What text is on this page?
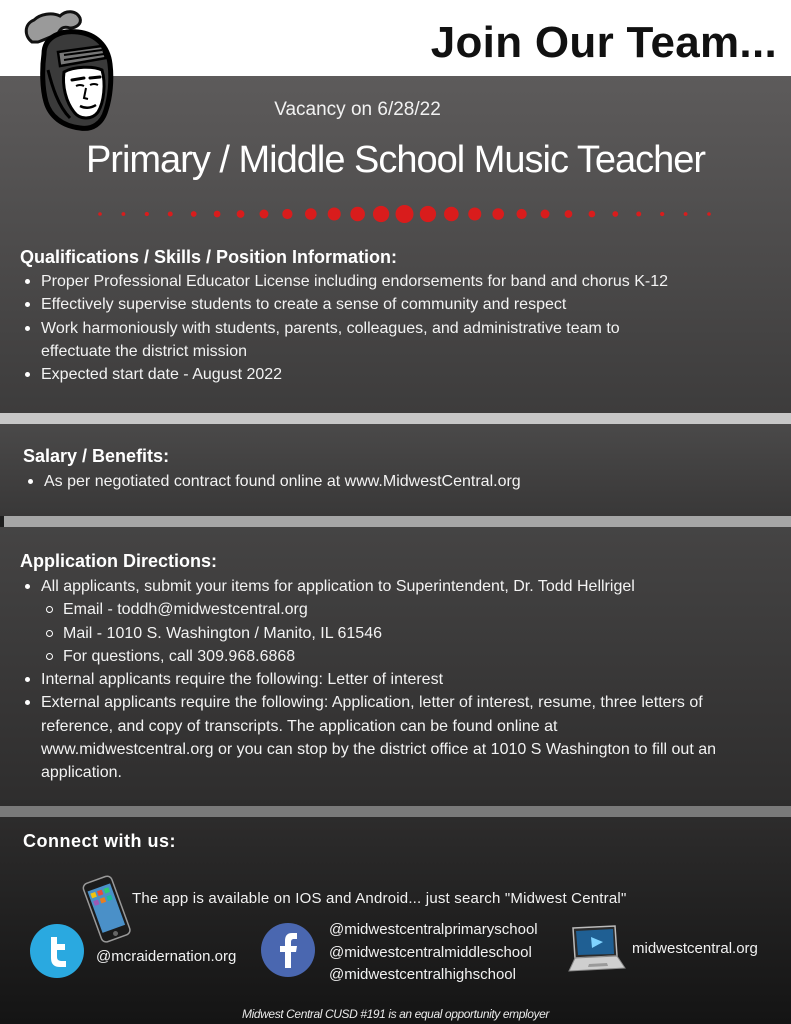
Join Our Team...
Vacancy on 6/28/22
Primary / Middle School Music Teacher
Qualifications / Skills / Position Information:
Proper Professional Educator License including endorsements for band and chorus K-12
Effectively supervise students to create a sense of community and respect
Work harmoniously with students, parents, colleagues, and administrative team to effectuate the district mission
Expected start date - August 2022
Salary / Benefits:
As per negotiated contract found online at www.MidwestCentral.org
Application Directions:
All applicants, submit your items for application to Superintendent, Dr. Todd Hellrigel
Email - toddh@midwestcentral.org
Mail - 1010 S. Washington / Manito, IL 61546
For questions, call 309.968.6868
Internal applicants require the following: Letter of interest
External applicants require the following: Application, letter of interest, resume, three letters of reference, and copy of transcripts. The application can be found online at www.midwestcentral.org or you can stop by the district office at 1010 S Washington to fill out an application.
Connect with us:
The app is available on IOS and Android... just search "Midwest Central"
@mcraidernation.org
@midwestcentralprimaryschool
@midwestcentralmiddleschool
@midwestcentralhighschool
midwestcentral.org
Midwest Central CUSD #191 is an equal opportunity employer
